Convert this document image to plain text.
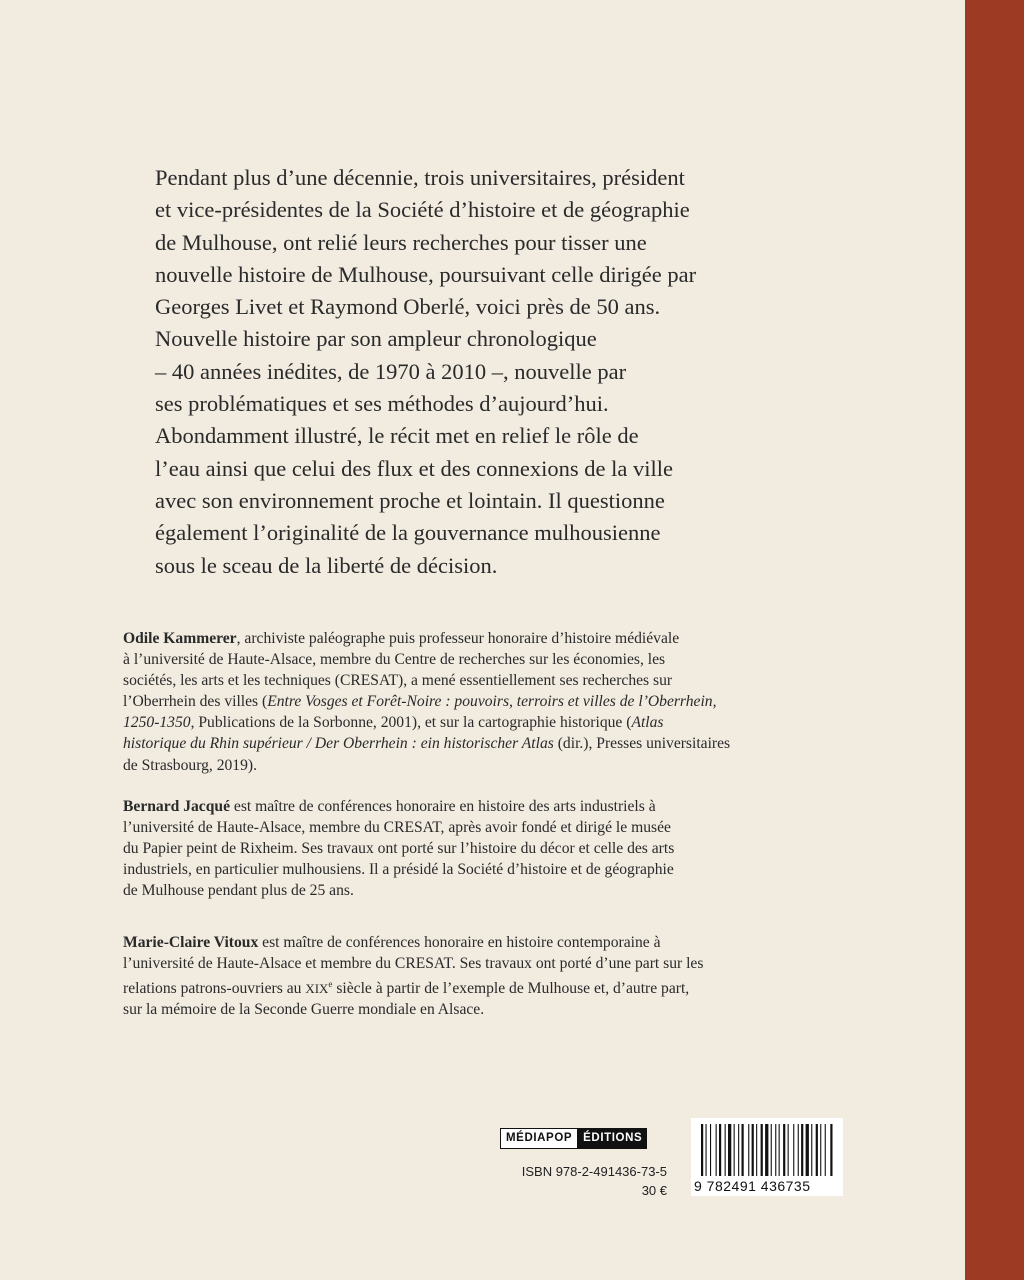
Pendant plus d’une décennie, trois universitaires, président
et vice-présidentes de la Société d’histoire et de géographie
de Mulhouse, ont relié leurs recherches pour tisser une
nouvelle histoire de Mulhouse, poursuivant celle dirigée par
Georges Livet et Raymond Oberlé, voici près de 50 ans.
Nouvelle histoire par son ampleur chronologique
– 40 années inédites, de 1970 à 2010 –, nouvelle par
ses problématiques et ses méthodes d’aujourd’hui.
Abondamment illustré, le récit met en relief le rôle de
l’eau ainsi que celui des flux et des connexions de la ville
avec son environnement proche et lointain. Il questionne
également l’originalité de la gouvernance mulhousienne
sous le sceau de la liberté de décision.
Odile Kammerer, archiviste paléographe puis professeur honoraire d’histoire médiévale
à l’université de Haute-Alsace, membre du Centre de recherches sur les économies, les
sociétés, les arts et les techniques (CRESAT), a mené essentiellement ses recherches sur
l’Oberrhein des villes (Entre Vosges et Forêt-Noire : pouvoirs, terroirs et villes de l’Oberrhein,
1250-1350, Publications de la Sorbonne, 2001), et sur la cartographie historique (Atlas
historique du Rhin supérieur / Der Oberrhein : ein historischer Atlas (dir.), Presses universitaires
de Strasbourg, 2019).
Bernard Jacqué est maître de conférences honoraire en histoire des arts industriels à
l’université de Haute-Alsace, membre du CRESAT, après avoir fondé et dirigé le musée
du Papier peint de Rixheim. Ses travaux ont porté sur l’histoire du décor et celle des arts
industriels, en particulier mulhousiens. Il a présidé la Société d’histoire et de géographie
de Mulhouse pendant plus de 25 ans.
Marie-Claire Vitoux est maître de conférences honoraire en histoire contemporaine à
l’université de Haute-Alsace et membre du CRESAT. Ses travaux ont porté d’une part sur les
relations patrons-ouvriers au XIXe siècle à partir de l’exemple de Mulhouse et, d’autre part,
sur la mémoire de la Seconde Guerre mondiale en Alsace.
MÉDIAPOP ÉDITIONS
ISBN 978-2-491436-73-5
30 € 9 782491 436735
